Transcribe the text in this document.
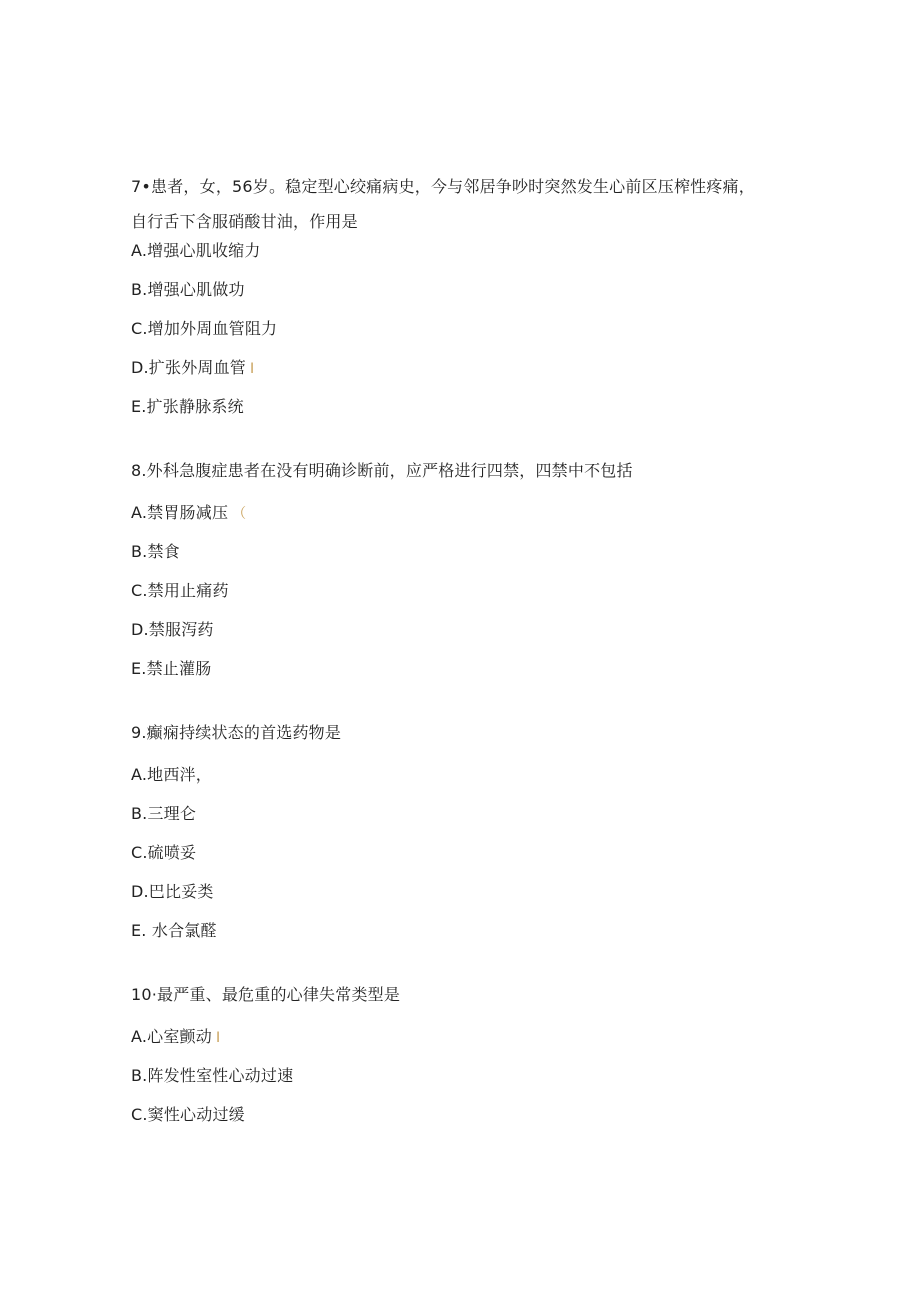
7•患者，女，56岁。稳定型心绞痛病史，今与邻居争吵时突然发生心前区压榨性疼痛，
自行舌下含服硝酸甘油，作用是
A.增强心肌收缩力
B.增强心肌做功
C.增加外周血管阻力
D.扩张外周血管 I
E.扩张静脉系统
8.外科急腹症患者在没有明确诊断前，应严格进行四禁，四禁中不包括
A.禁胃肠减压 （
B.禁食
C.禁用止痛药
D.禁服泻药
E.禁止灌肠
9.癫痫持续状态的首选药物是
A.地西泮，
B.三理仑
C.硫喷妥
D.巴比妥类
E. 水合氯醛
10·最严重、最危重的心律失常类型是
A.心室颤动 I
B.阵发性室性心动过速
C.窦性心动过缓
